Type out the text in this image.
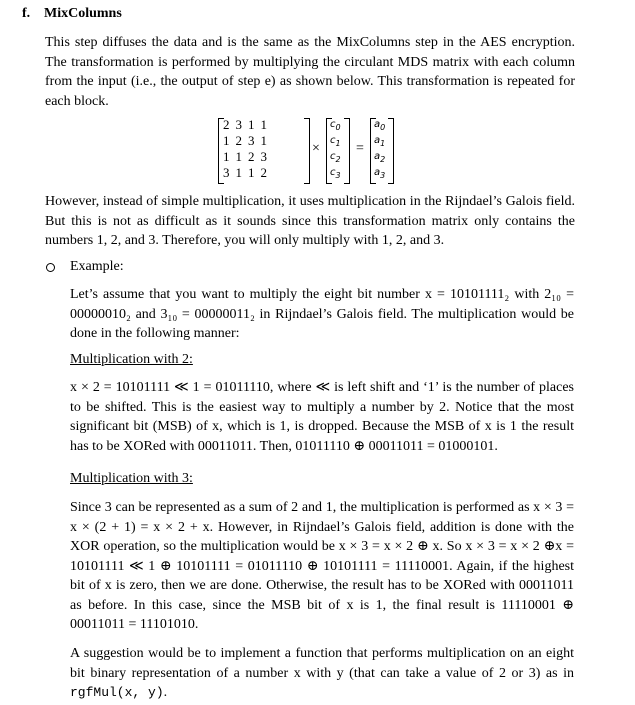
f. MixColumns

This step diffuses the data and is the same as the MixColumns step in the AES encryption. The transformation is performed by multiplying the circulant MDS matrix with each column from the input (i.e., the output of step e) as shown below. This transformation is repeated for each block.

2	3	1	1
1	2	3	1
1	1	2	3
3	1	1	2
×
$c_0$
$c_1$
$c_2$
$c_3$
=
$a_0$
$a_1$
$a_2$
$a_3$

However, instead of simple multiplication, it uses multiplication in the Rijndael’s Galois field. But this is not as difficult as it sounds since this transformation matrix only contains the numbers 1, 2, and 3. Therefore, you will only multiply with 1, 2, and 3.

Example:

Let’s assume that you want to multiply the eight bit number x = 10101111₂ with 2₁₀ = 00000010₂ and 3₁₀ = 00000011₂ in Rijndael’s Galois field. The multiplication would be done in the following manner:

Multiplication with 2:

x × 2 = 10101111 ≪ 1 = 01011110, where ≪ is left shift and ‘1’ is the number of places to be shifted. This is the easiest way to multiply a number by 2. Notice that the most significant bit (MSB) of x, which is 1, is dropped. Because the MSB of x is 1 the result has to be XORed with 00011011. Then, 01011110 ⊕ 00011011 = 01000101.

Multiplication with 3:

Since 3 can be represented as a sum of 2 and 1, the multiplication is performed as x × 3 = x × (2 + 1) = x × 2 + x. However, in Rijndael’s Galois field, addition is done with the XOR operation, so the multiplication would be x × 3 = x × 2 ⊕ x. So x × 3 = x × 2 ⊕x = 10101111 ≪ 1 ⊕ 10101111 = 01011110 ⊕ 10101111 = 11110001. Again, if the highest bit of x is zero, then we are done. Otherwise, the result has to be XORed with 00011011 as before. In this case, since the MSB bit of x is 1, the final result is 11110001 ⊕ 00011011 = 11101010.

A suggestion would be to implement a function that performs multiplication on an eight bit binary representation of a number x with y (that can take a value of 2 or 3) as in rgfMul(x, y).
